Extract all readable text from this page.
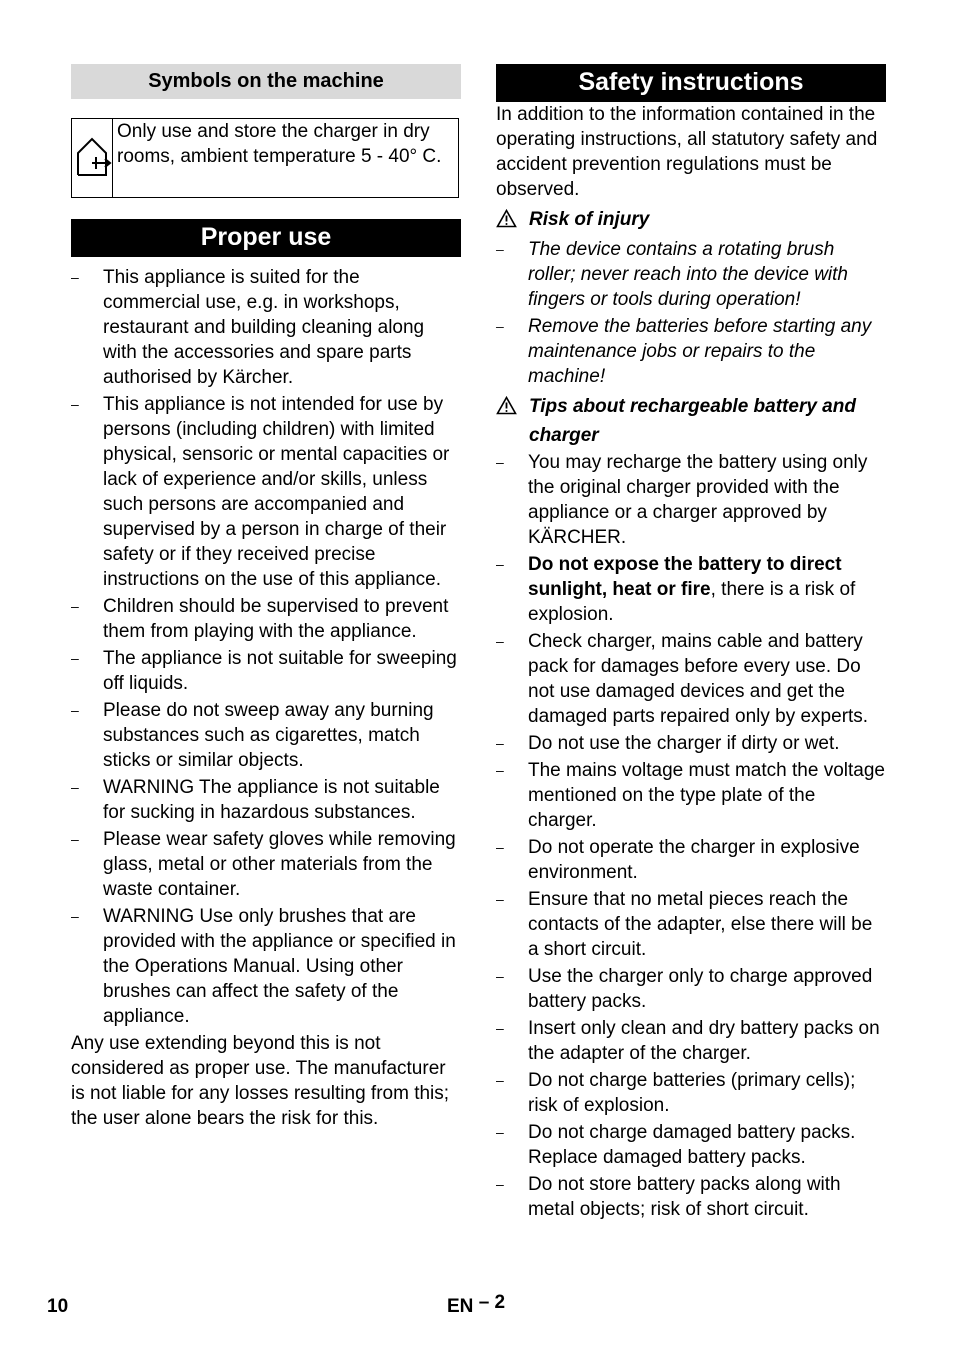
Symbols on the machine
Only use and store the charger in dry rooms, ambient temperature 5 - 40° C.
Proper use
– This appliance is suited for the commercial use, e.g. in workshops, restaurant and building cleaning along with the accessories and spare parts authorised by Kärcher.
– This appliance is not intended for use by persons (including children) with limited physical, sensoric or mental capacities or lack of experience and/or skills, unless such persons are accompanied and supervised by a person in charge of their safety or if they received precise instructions on the use of this appliance.
– Children should be supervised to prevent them from playing with the appliance.
– The appliance is not suitable for sweeping off liquids.
– Please do not sweep away any burning substances such as cigarettes, match sticks or similar objects.
– WARNING The appliance is not suitable for sucking in hazardous substances.
– Please wear safety gloves while removing glass, metal or other materials from the waste container.
– WARNING Use only brushes that are provided with the appliance or specified in the Operations Manual. Using other brushes can affect the safety of the appliance.

Any use extending beyond this is not considered as proper use. The manufacturer is not liable for any losses resulting from this; the user alone bears the risk for this.

Safety instructions

In addition to the information contained in the operating instructions, all statutory safety and accident prevention regulations must be observed.

Risk of injury
– The device contains a rotating brush roller; never reach into the device with fingers or tools during operation!
– Remove the batteries before starting any maintenance jobs or repairs to the machine!
Tips about rechargeable battery and charger
– You may recharge the battery using only the original charger provided with the appliance or a charger approved by KÄRCHER.
– Do not expose the battery to direct sunlight, heat or fire, there is a risk of explosion.
– Check charger, mains cable and battery pack for damages before every use. Do not use damaged devices and get the damaged parts repaired only by experts.
– Do not use the charger if dirty or wet.
– The mains voltage must match the voltage mentioned on the type plate of the charger.
– Do not operate the charger in explosive environment.
– Ensure that no metal pieces reach the contacts of the adapter, else there will be a short circuit.
– Use the charger only to charge approved battery packs.
– Insert only clean and dry battery packs on the adapter of the charger.
– Do not charge batteries (primary cells); risk of explosion.
– Do not charge damaged battery packs. Replace damaged battery packs.
– Do not store battery packs along with metal objects; risk of short circuit.
10	EN – 2
